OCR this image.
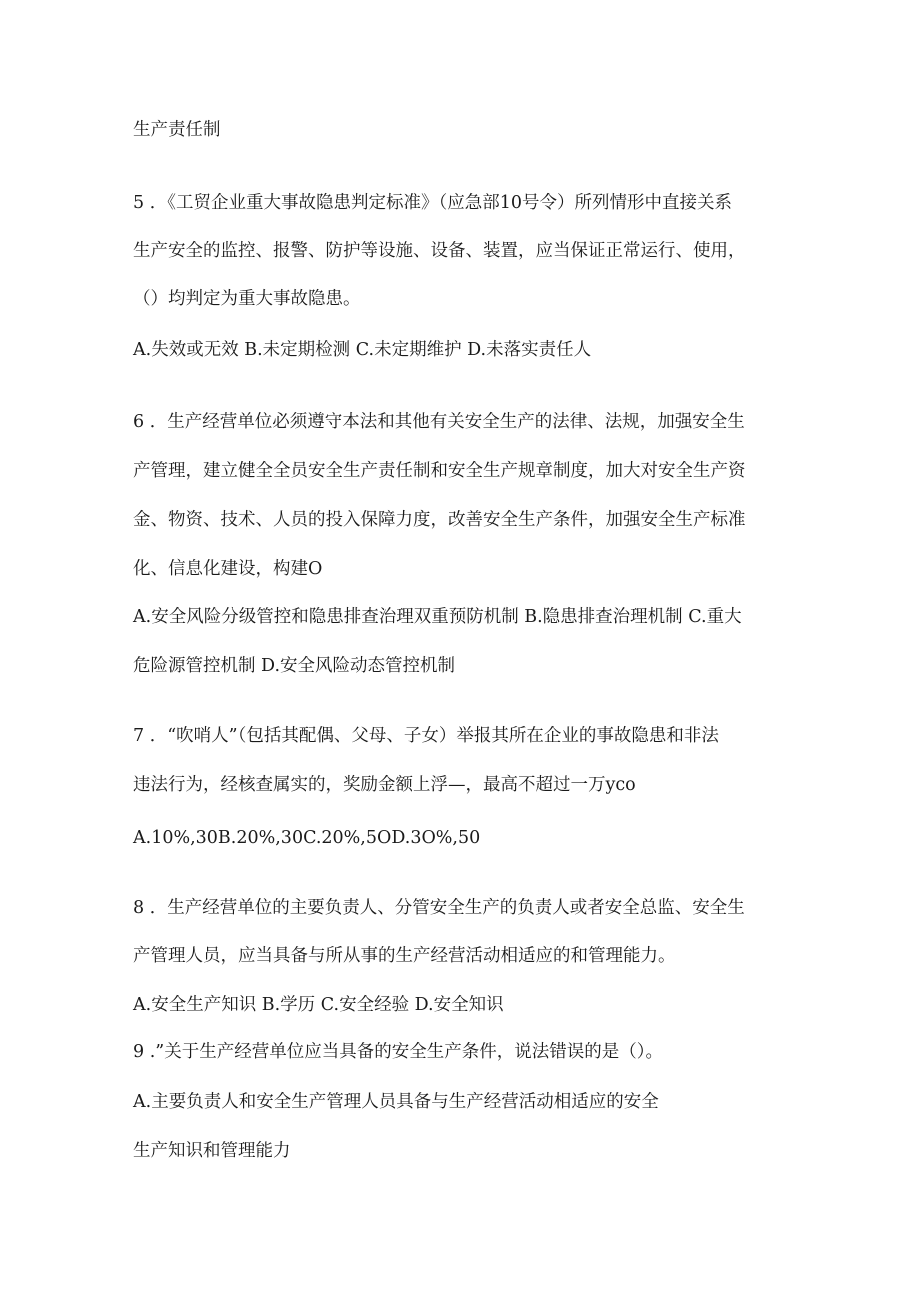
生产责任制
5 ．《工贸企业重大事故隐患判定标准》（应急部10号令）所列情形中直接关系
生产安全的监控、报警、防护等设施、设备、装置，应当保证正常运行、使用，
（）均判定为重大事故隐患。
A.失效或无效 B.未定期检测 C.未定期维护 D.未落实责任人
6 ．生产经营单位必须遵守本法和其他有关安全生产的法律、法规，加强安全生
产管理，建立健全全员安全生产责任制和安全生产规章制度，加大对安全生产资
金、物资、技术、人员的投入保障力度，改善安全生产条件，加强安全生产标准
化、信息化建设，构建O
A.安全风险分级管控和隐患排查治理双重预防机制 B.隐患排查治理机制 C.重大
危险源管控机制 D.安全风险动态管控机制
7 ．“吹哨人”（包括其配偶、父母、子女）举报其所在企业的事故隐患和非法
违法行为，经核查属实的，奖励金额上浮—，最高不超过一万yco
A.10%,30B.20%,30C.20%,5OD.3O%,50
8 ．生产经营单位的主要负责人、分管安全生产的负责人或者安全总监、安全生
产管理人员，应当具备与所从事的生产经营活动相适应的和管理能力。
A.安全生产知识 B.学历 C.安全经验 D.安全知识
9 .”关于生产经营单位应当具备的安全生产条件，说法错误的是（）。
A.主要负责人和安全生产管理人员具备与生产经营活动相适应的安全
生产知识和管理能力
